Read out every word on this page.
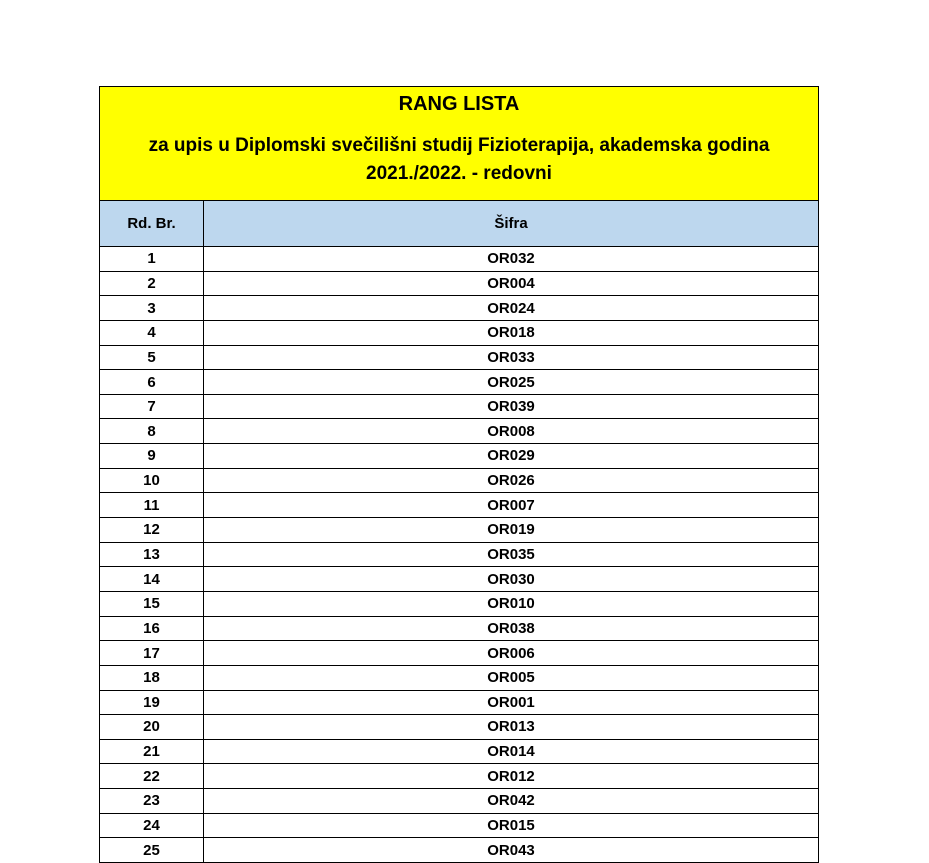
RANG LISTA
za upis u Diplomski svečilišni studij Fizioterapija, akademska godina 2021./2022. - redovni
Rd. Br.	Šifra
1	OR032
2	OR004
3	OR024
4	OR018
5	OR033
6	OR025
7	OR039
8	OR008
9	OR029
10	OR026
11	OR007
12	OR019
13	OR035
14	OR030
15	OR010
16	OR038
17	OR006
18	OR005
19	OR001
20	OR013
21	OR014
22	OR012
23	OR042
24	OR015
25	OR043
